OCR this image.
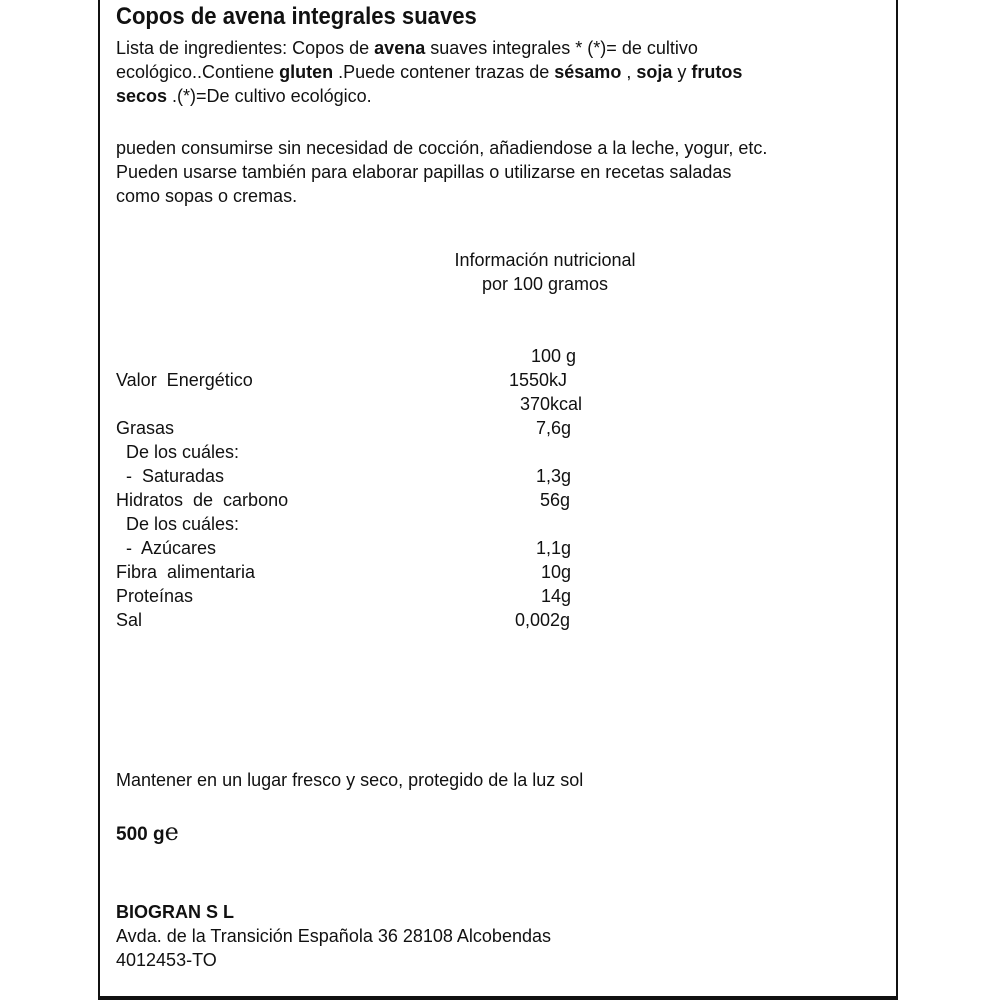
Copos de avena integrales suaves
Lista de ingredientes: Copos de avena suaves integrales * (*)= de cultivo
ecológico..Contiene gluten .Puede contener trazas de sésamo , soja y frutos
secos .(*)=De cultivo ecológico.
pueden consumirse sin necesidad de cocción, añadiendose a la leche, yogur, etc.
Pueden usarse también para elaborar papillas o utilizarse en recetas saladas
como sopas o cremas.
Información nutricional
por 100 gramos
100 g
Valor  Energético	1550kJ
370kcal
Grasas	7,6g
De los cuáles:
-  Saturadas	1,3g
Hidratos  de  carbono	56g
De los cuáles:
-  Azúcares	1,1g
Fibra  alimentaria	10g
Proteínas	14g
Sal	0,002g
Mantener en un lugar fresco y seco, protegido de la luz sol
500 ge
BIOGRAN S L
Avda. de la Transición Española 36 28108 Alcobendas
4012453-TO
